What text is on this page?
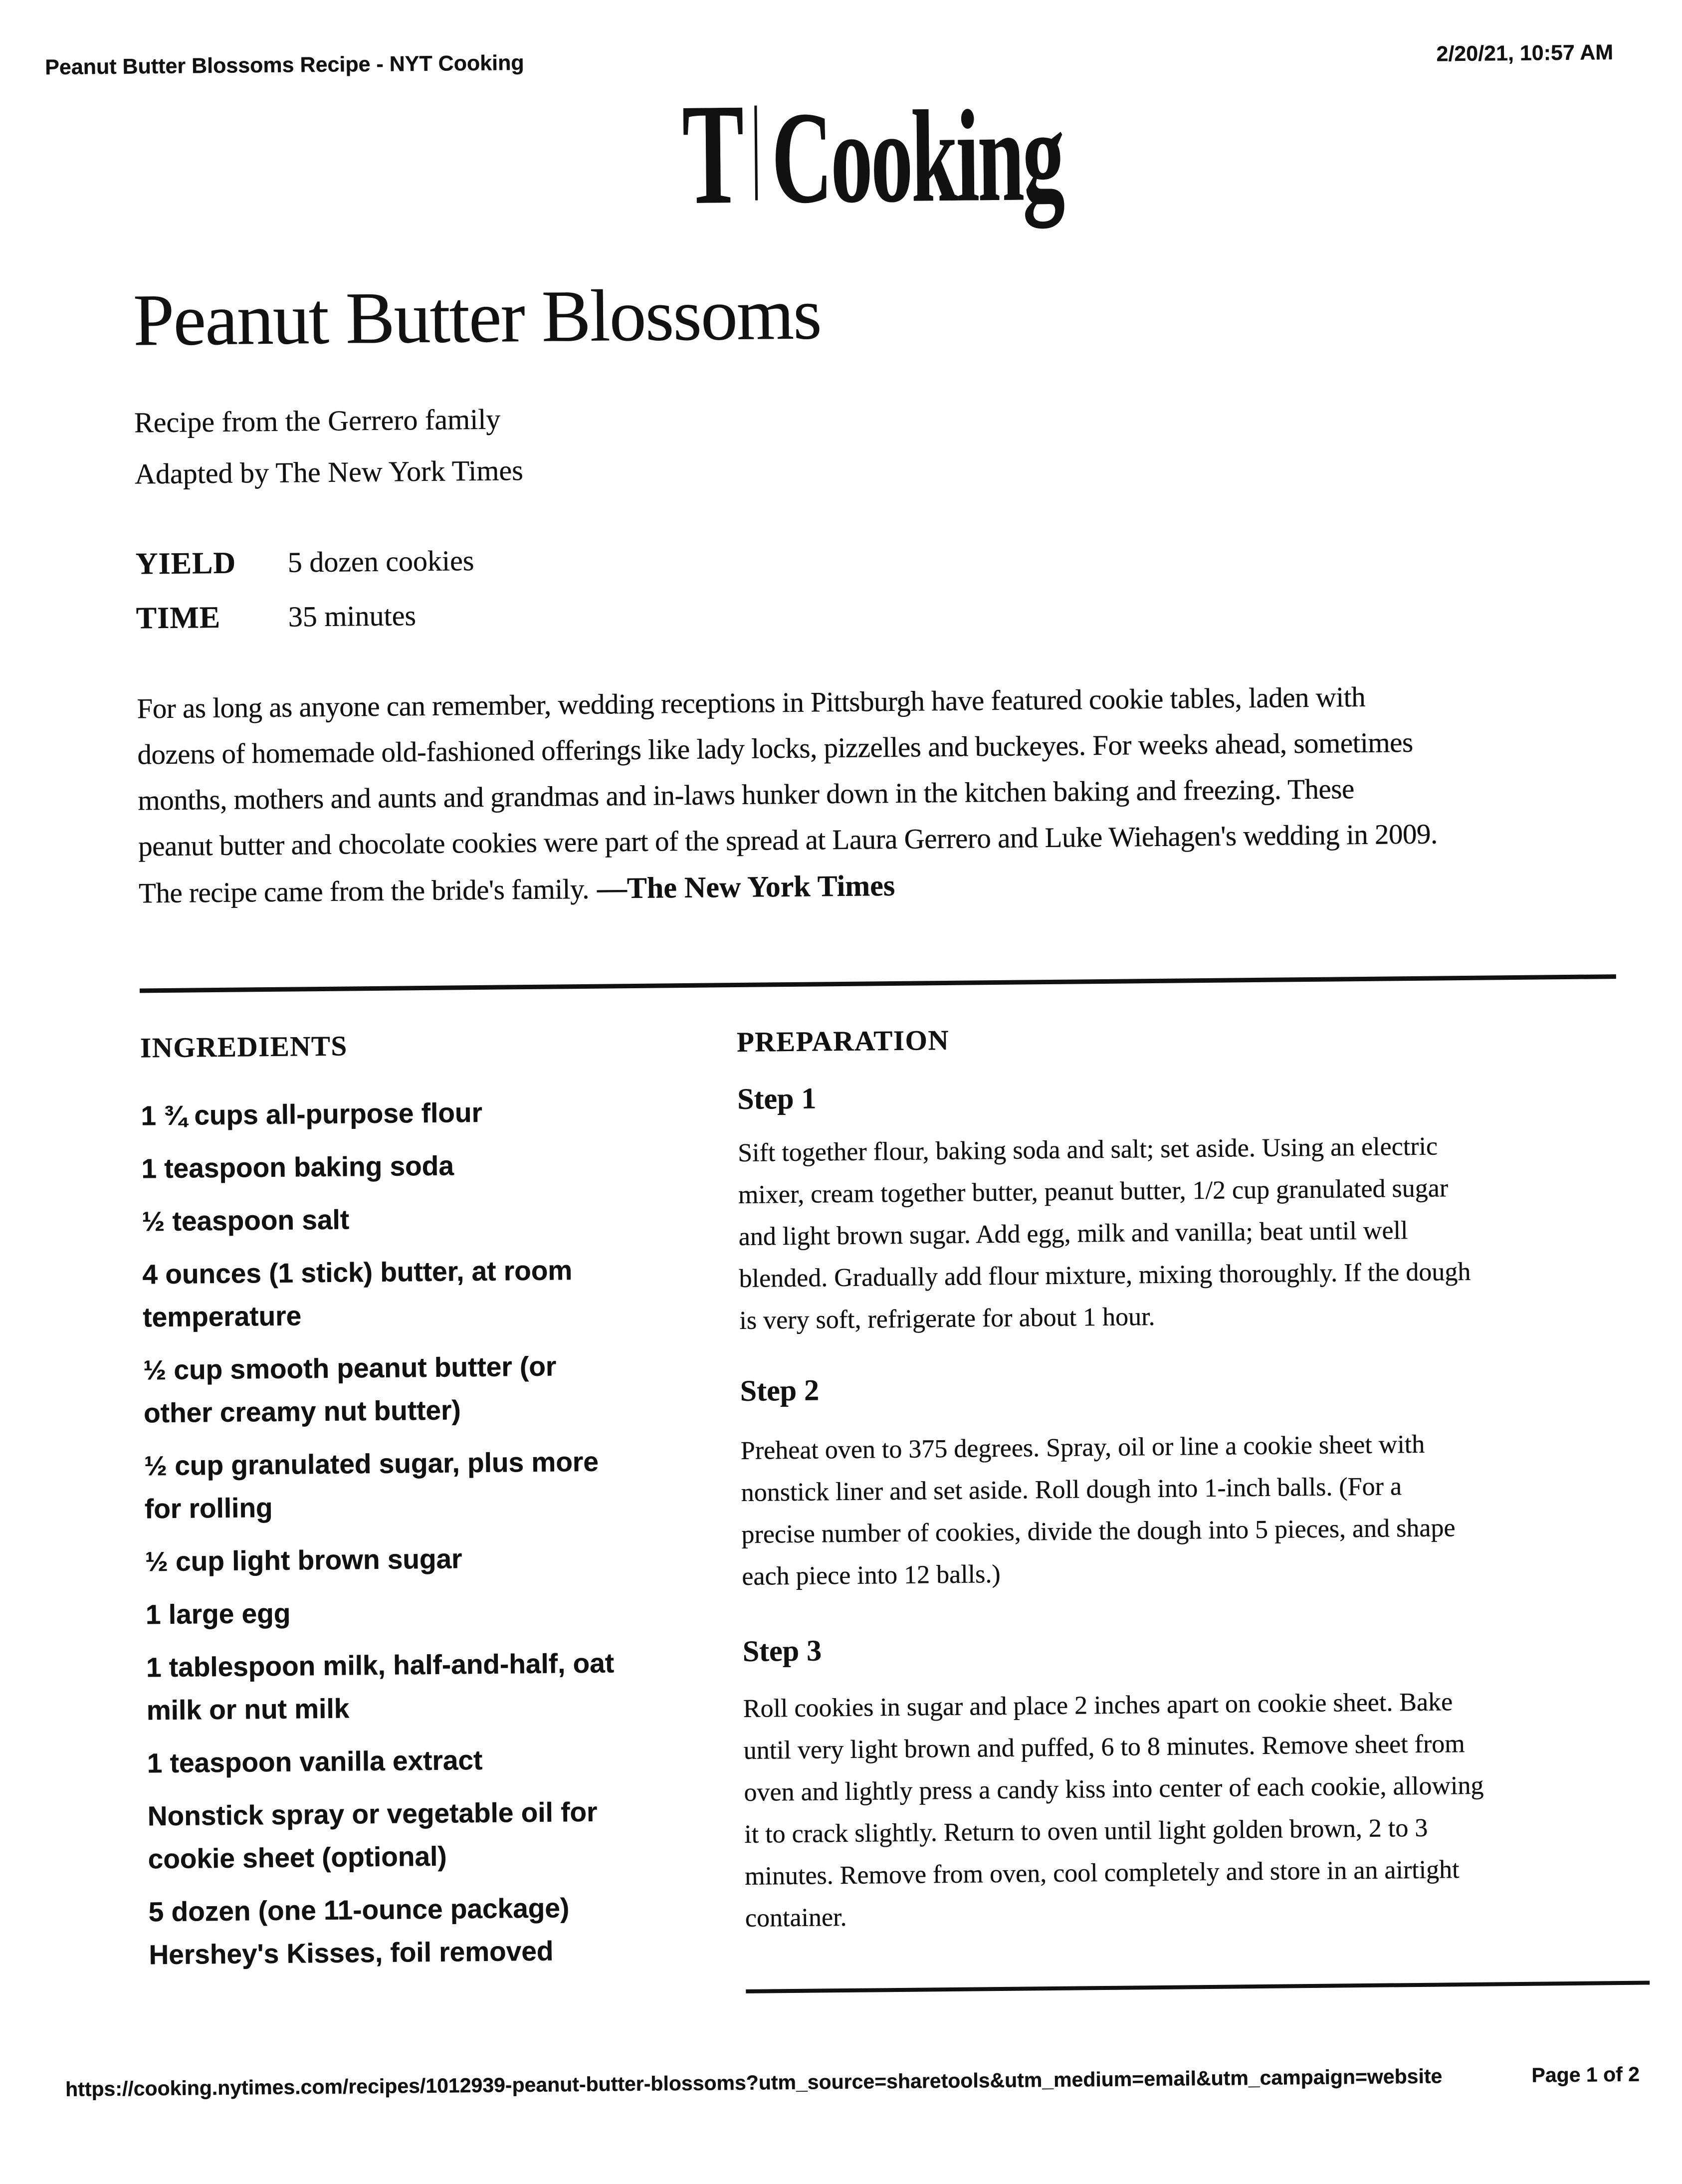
Peanut Butter Blossoms Recipe - NYT Cooking	2/20/21, 10:57 AM
T Cooking
Peanut Butter Blossoms
Recipe from the Gerrero family
Adapted by The New York Times
YIELD	5 dozen cookies
TIME	35 minutes
For as long as anyone can remember, wedding receptions in Pittsburgh have featured cookie tables, laden with
dozens of homemade old-fashioned offerings like lady locks, pizzelles and buckeyes. For weeks ahead, sometimes
months, mothers and aunts and grandmas and in-laws hunker down in the kitchen baking and freezing. These
peanut butter and chocolate cookies were part of the spread at Laura Gerrero and Luke Wiehagen's wedding in 2009.
The recipe came from the bride's family. —The New York Times
INGREDIENTS
1 ¾ cups all-purpose flour
1 teaspoon baking soda
½ teaspoon salt
4 ounces (1 stick) butter, at room
temperature
½ cup smooth peanut butter (or
other creamy nut butter)
½ cup granulated sugar, plus more
for rolling
½ cup light brown sugar
1 large egg
1 tablespoon milk, half-and-half, oat
milk or nut milk
1 teaspoon vanilla extract
Nonstick spray or vegetable oil for
cookie sheet (optional)
5 dozen (one 11-ounce package)
Hershey's Kisses, foil removed
PREPARATION
Step 1
Sift together flour, baking soda and salt; set aside. Using an electric
mixer, cream together butter, peanut butter, 1/2 cup granulated sugar
and light brown sugar. Add egg, milk and vanilla; beat until well
blended. Gradually add flour mixture, mixing thoroughly. If the dough
is very soft, refrigerate for about 1 hour.
Step 2
Preheat oven to 375 degrees. Spray, oil or line a cookie sheet with
nonstick liner and set aside. Roll dough into 1-inch balls. (For a
precise number of cookies, divide the dough into 5 pieces, and shape
each piece into 12 balls.)
Step 3
Roll cookies in sugar and place 2 inches apart on cookie sheet. Bake
until very light brown and puffed, 6 to 8 minutes. Remove sheet from
oven and lightly press a candy kiss into center of each cookie, allowing
it to crack slightly. Return to oven until light golden brown, 2 to 3
minutes. Remove from oven, cool completely and store in an airtight
container.
https://cooking.nytimes.com/recipes/1012939-peanut-butter-blossoms?utm_source=sharetools&utm_medium=email&utm_campaign=website	Page 1 of 2
